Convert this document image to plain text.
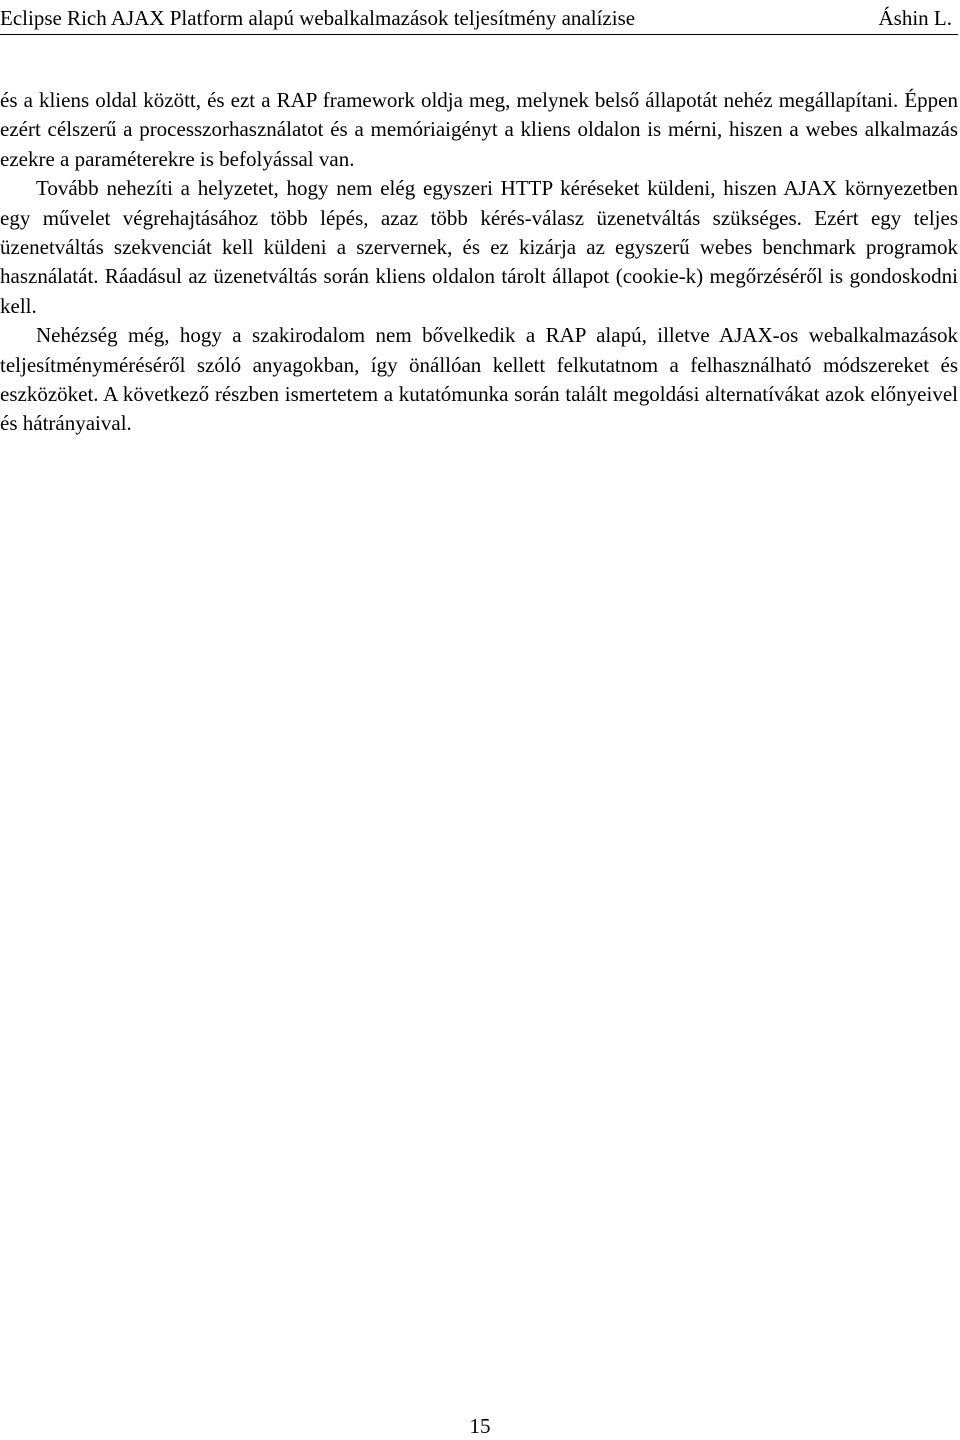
Eclipse Rich AJAX Platform alapú webalkalmazások teljesítmény analízise	Áshin L.

és a kliens oldal között, és ezt a RAP framework oldja meg, melynek belső állapotát nehéz megállapítani. Éppen ezért célszerű a processzorhasználatot és a memóriaigényt a kliens oldalon is mérni, hiszen a webes alkalmazás ezekre a paraméterekre is befolyással van.

Tovább nehezíti a helyzetet, hogy nem elég egyszeri HTTP kéréseket küldeni, hiszen AJAX környezetben egy művelet végrehajtásához több lépés, azaz több kérés-válasz üzenetváltás szükséges. Ezért egy teljes üzenetváltás szekvenciát kell küldeni a szervernek, és ez kizárja az egyszerű webes benchmark programok használatát. Ráadásul az üzenetváltás során kliens oldalon tárolt állapot (cookie-k) megőrzéséről is gondoskodni kell.

Nehézség még, hogy a szakirodalom nem bővelkedik a RAP alapú, illetve AJAX-os webalkalmazások teljesítményméréséről szóló anyagokban, így önállóan kellett felkutatnom a felhasználható módszereket és eszközöket. A következő részben ismertetem a kutatómunka során talált megoldási alternatívákat azok előnyeivel és hátrányaival.

15
